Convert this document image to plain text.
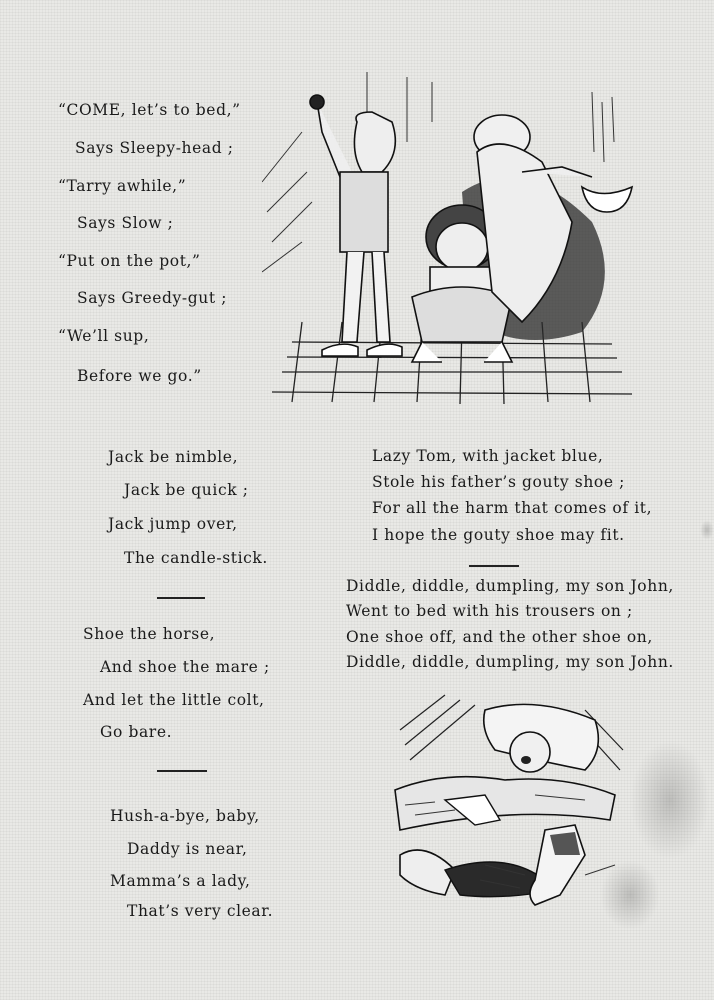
“COME, let’s to bed,”
Says Sleepy-head ;
“Tarry awhile,”
Says Slow ;
“Put on the pot,”
Says Greedy-gut ;
“We’ll sup,
Before we go.”
Jack be nimble,
Jack be quick ;
Jack jump over,
The candle-stick.
Shoe the horse,
And shoe the mare ;
And let the little colt,
Go bare.
Hush-a-bye, baby,
Daddy is near,
Mamma’s a lady,
That’s very clear.
Lazy Tom, with jacket blue,
Stole his father’s gouty shoe ;
For all the harm that comes of it,
I hope the gouty shoe may fit.
Diddle, diddle, dumpling, my son John,
Went to bed with his trousers on ;
One shoe off, and the other shoe on,
Diddle, diddle, dumpling, my son John.
